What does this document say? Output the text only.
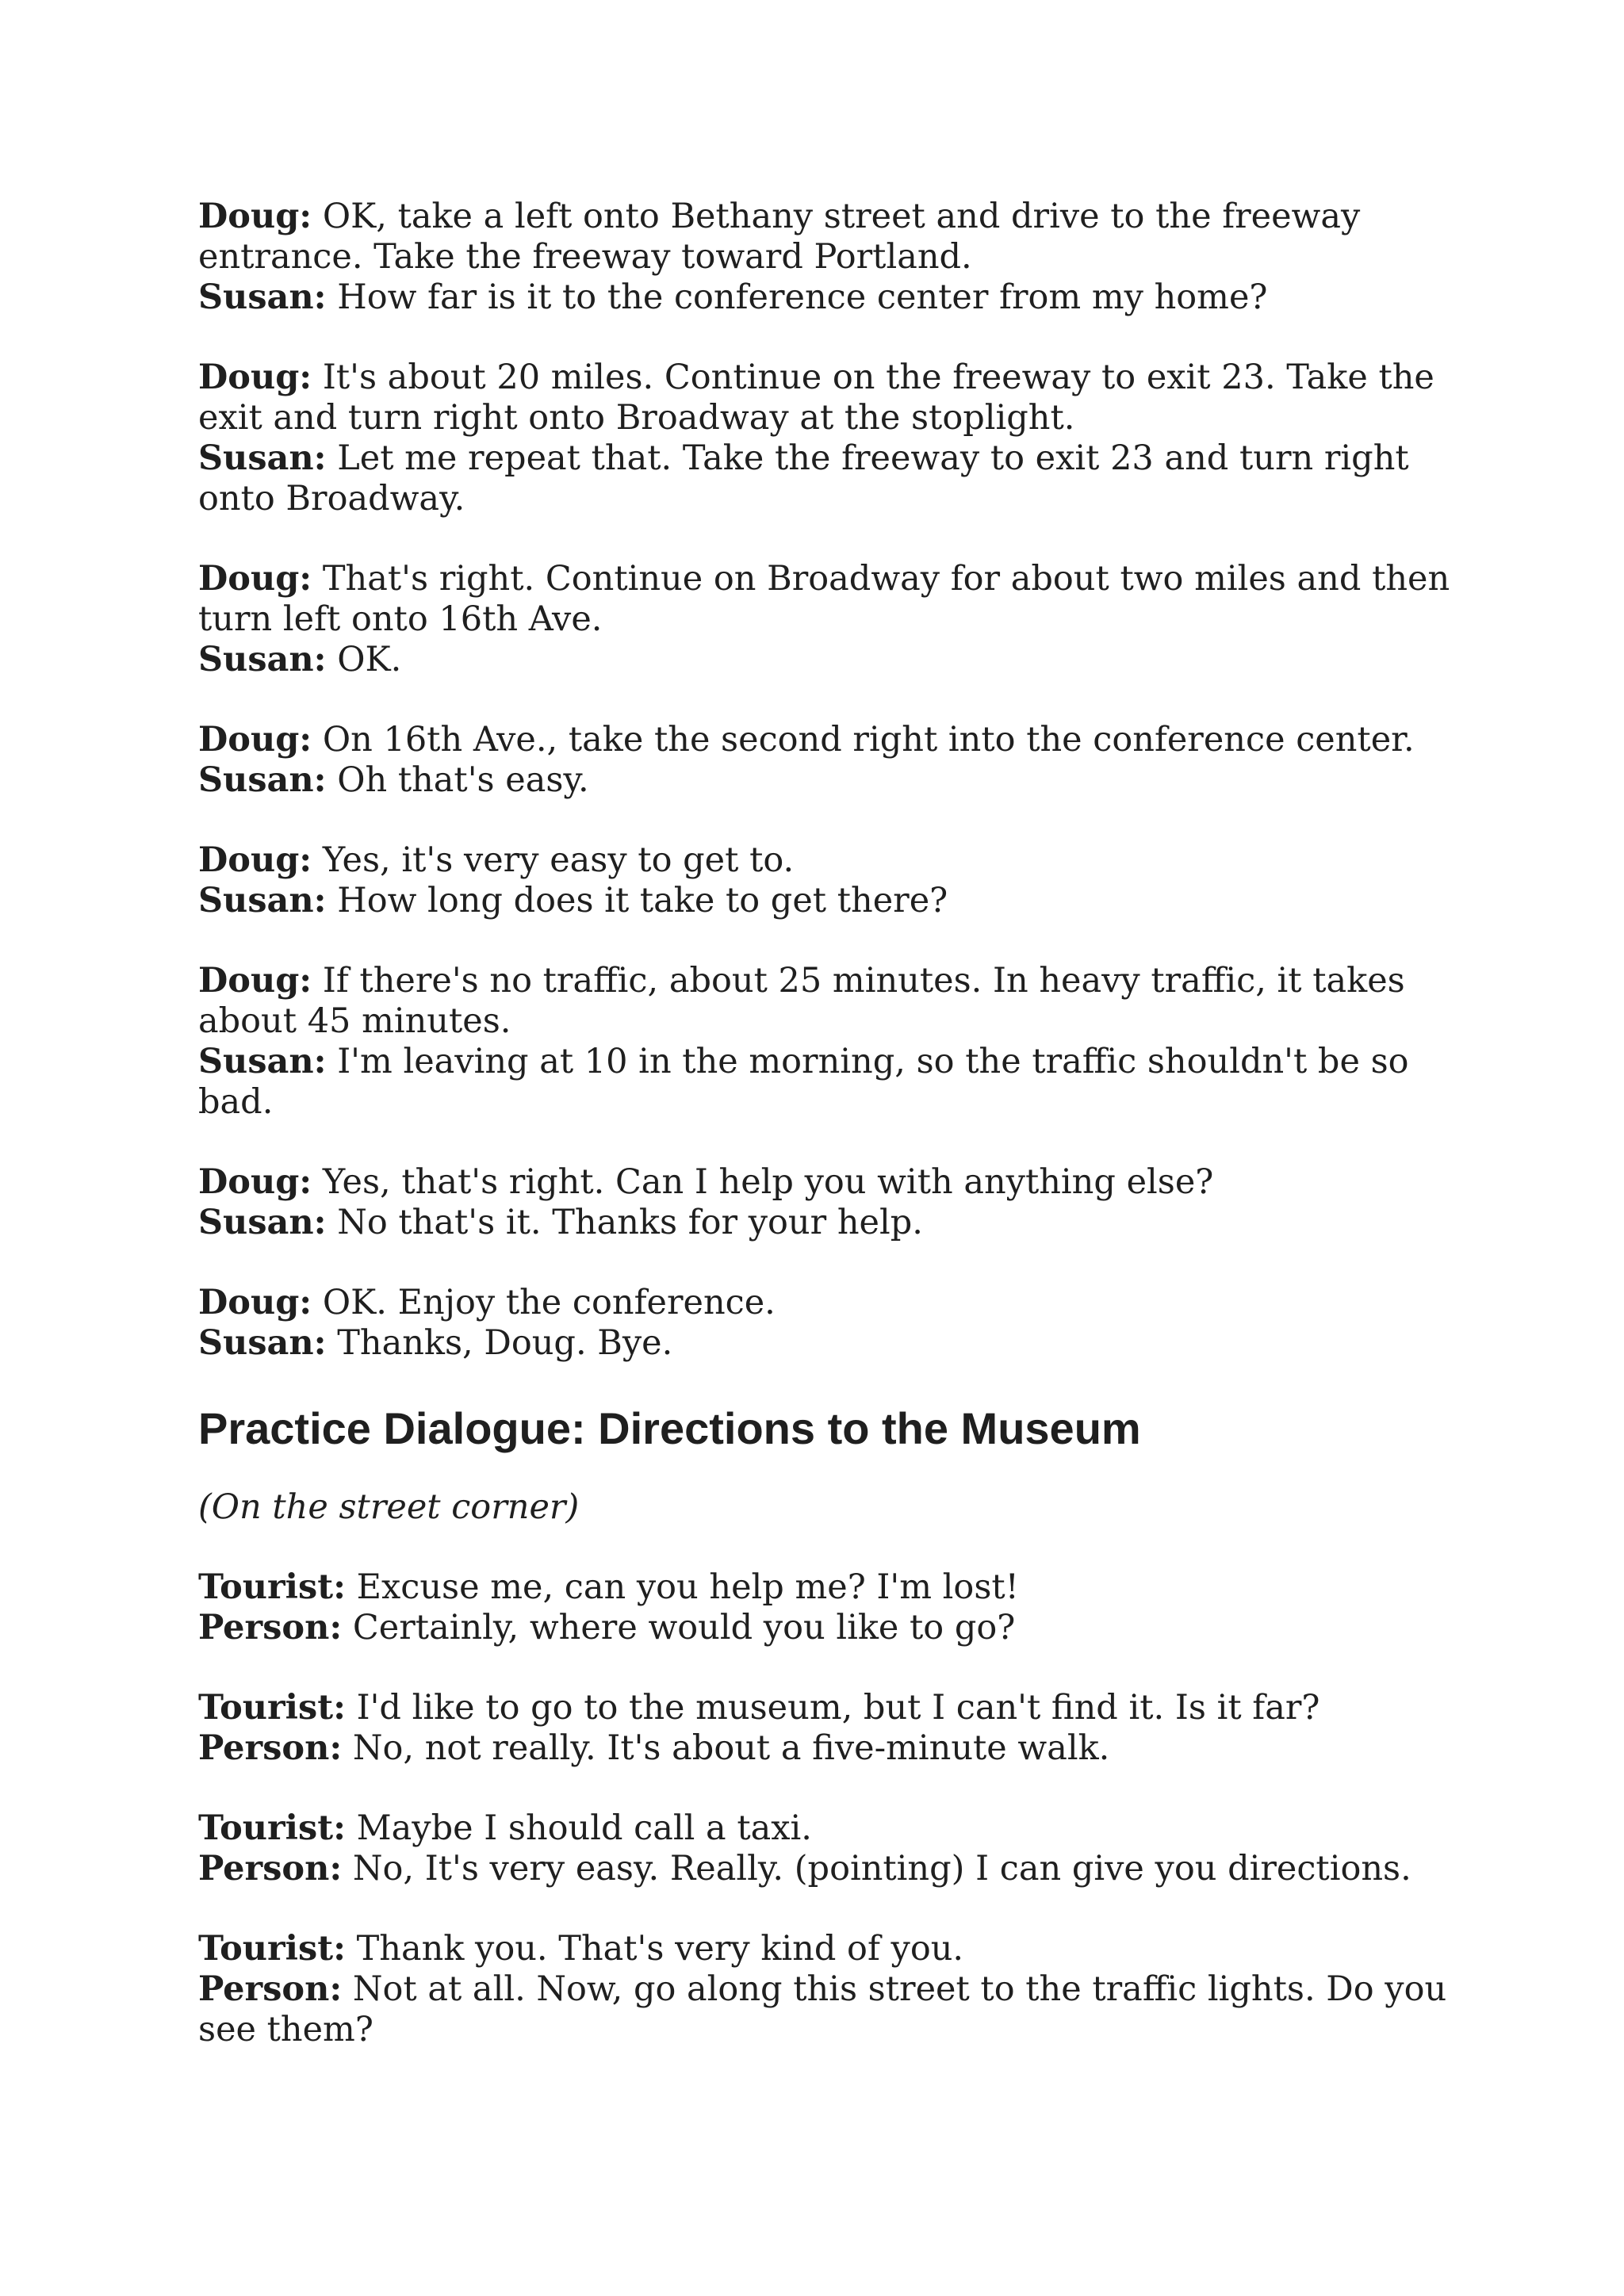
Doug: OK, take a left onto Bethany street and drive to the freeway entrance. Take the freeway toward Portland.

Susan: How far is it to the conference center from my home?

Doug: It's about 20 miles. Continue on the freeway to exit 23. Take the exit and turn right onto Broadway at the stoplight.

Susan: Let me repeat that. Take the freeway to exit 23 and turn right onto Broadway.

Doug: That's right. Continue on Broadway for about two miles and then turn left onto 16th Ave.

Susan: OK.

Doug: On 16th Ave., take the second right into the conference center.

Susan: Oh that's easy.

Doug: Yes, it's very easy to get to.

Susan: How long does it take to get there?

Doug: If there's no traffic, about 25 minutes. In heavy traffic, it takes about 45 minutes.

Susan: I'm leaving at 10 in the morning, so the traffic shouldn't be so bad.

Doug: Yes, that's right. Can I help you with anything else?

Susan: No that's it. Thanks for your help.

Doug: OK. Enjoy the conference.

Susan: Thanks, Doug. Bye.

Practice Dialogue: Directions to the Museum

(On the street corner)

Tourist: Excuse me, can you help me? I'm lost!

Person: Certainly, where would you like to go?

Tourist: I'd like to go to the museum, but I can't find it. Is it far?

Person: No, not really. It's about a five-minute walk.

Tourist: Maybe I should call a taxi.

Person: No, It's very easy. Really. (pointing) I can give you directions.

Tourist: Thank you. That's very kind of you.

Person: Not at all. Now, go along this street to the traffic lights. Do you see them?
